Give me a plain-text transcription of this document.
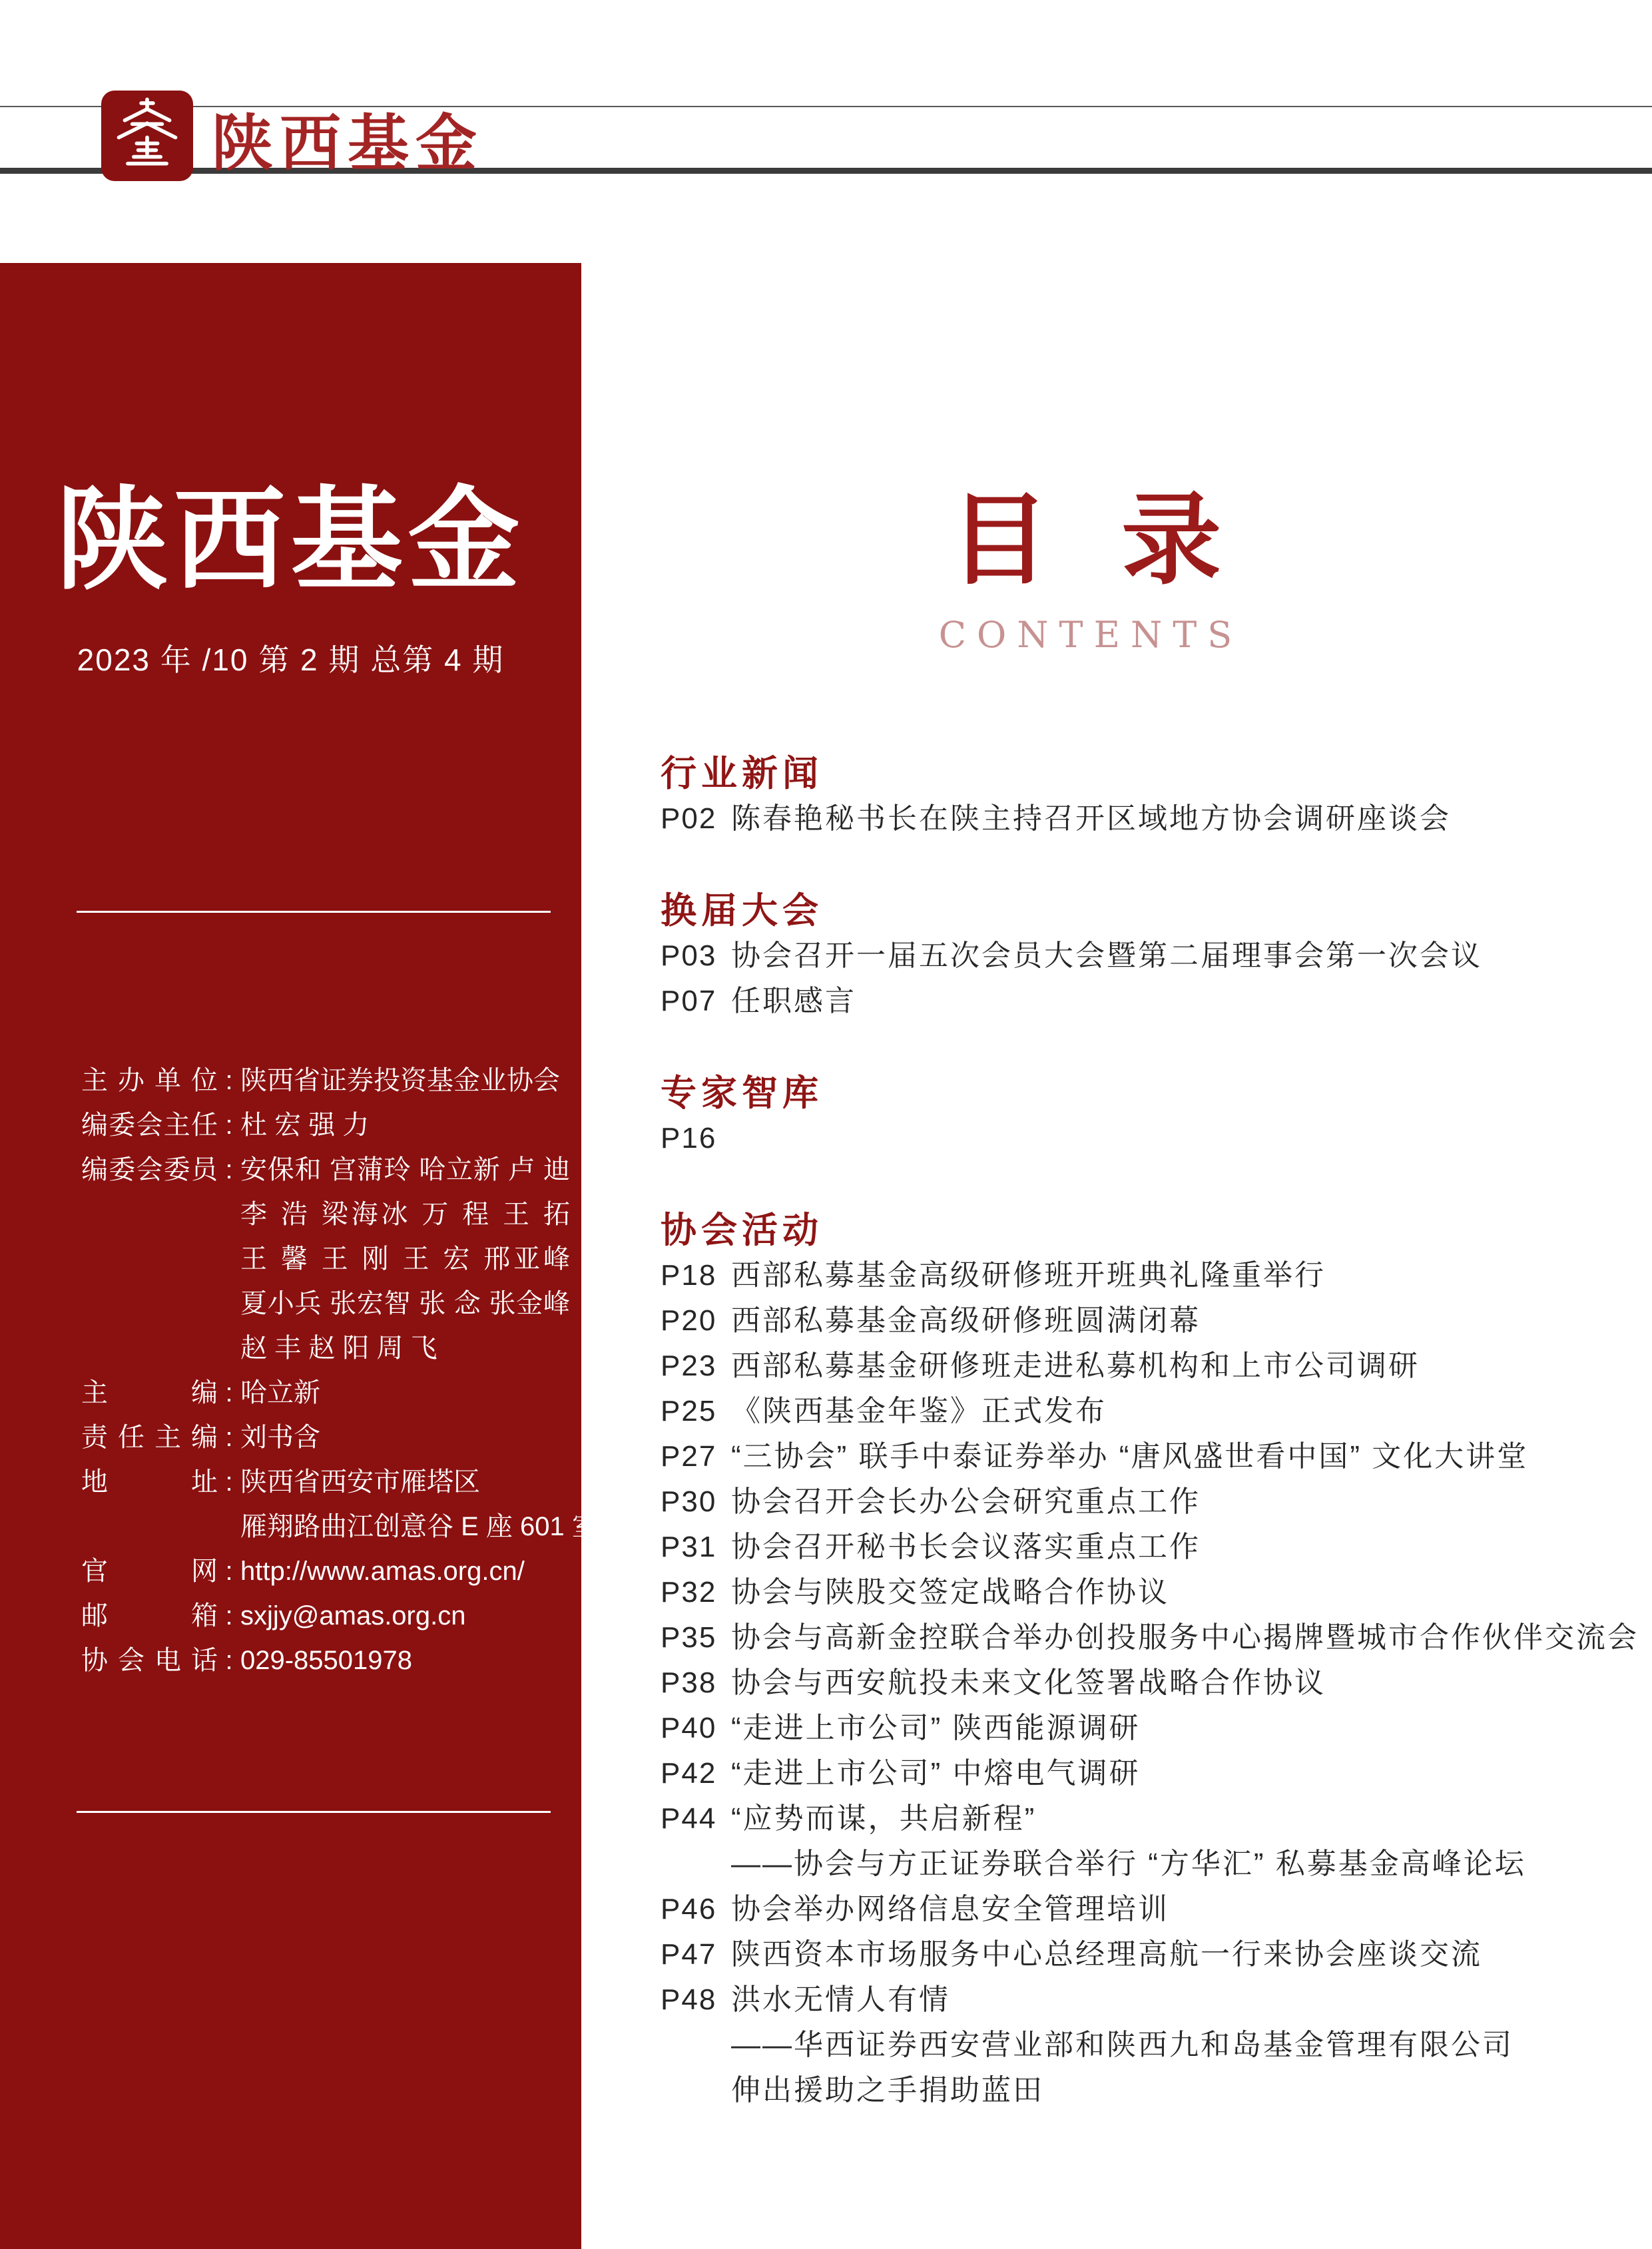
陕西基金
陕西基金
2023 年 /10 第 2 期 总第 4 期
主办单位 : 陕西省证券投资基金业协会
编委会主任 : 杜 宏 强 力
编委会委员 : 安保和 宫蒲玲 哈立新 卢 迪
李 浩 梁海冰 万 程 王 拓
王 馨 王 刚 王 宏 邢亚峰
夏小兵 张宏智 张 念 张金峰
赵 丰 赵 阳 周 飞
主编 : 哈立新
责任主编 : 刘书含
地址 : 陕西省西安市雁塔区
雁翔路曲江创意谷 E 座 601 室
官网 : http://www.amas.org.cn/
邮箱 : sxjjy@amas.org.cn
协会电话 : 029-85501978
目 录
CONTENTS
行业新闻
P02 陈春艳秘书长在陕主持召开区域地方协会调研座谈会
换届大会
P03 协会召开一届五次会员大会暨第二届理事会第一次会议
P07 任职感言
专家智库
P16
协会活动
P18 西部私募基金高级研修班开班典礼隆重举行
P20 西部私募基金高级研修班圆满闭幕
P23 西部私募基金研修班走进私募机构和上市公司调研
P25 《陕西基金年鉴》正式发布
P27 “三协会” 联手中泰证券举办 “唐风盛世看中国” 文化大讲堂
P30 协会召开会长办公会研究重点工作
P31 协会召开秘书长会议落实重点工作
P32 协会与陕股交签定战略合作协议
P35 协会与高新金控联合举办创投服务中心揭牌暨城市合作伙伴交流会
P38 协会与西安航投未来文化签署战略合作协议
P40 “走进上市公司” 陕西能源调研
P42 “走进上市公司” 中熔电气调研
P44 “应势而谋，共启新程”
——协会与方正证券联合举行 “方华汇” 私募基金高峰论坛
P46 协会举办网络信息安全管理培训
P47 陕西资本市场服务中心总经理高航一行来协会座谈交流
P48 洪水无情人有情
——华西证券西安营业部和陕西九和岛基金管理有限公司
伸出援助之手捐助蓝田
